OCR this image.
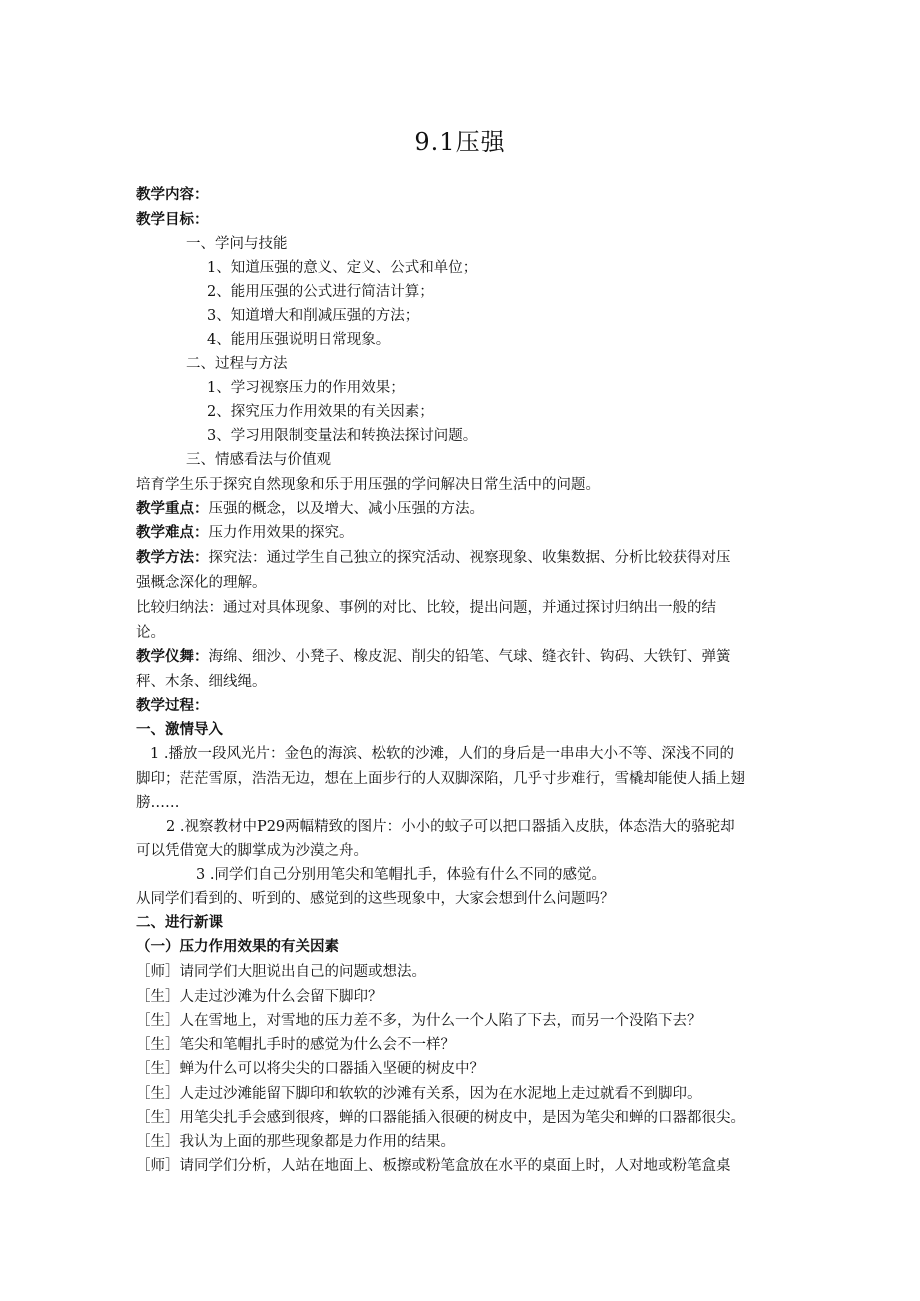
9.1压强
教学内容：
教学目标：
一、学问与技能
1、知道压强的意义、定义、公式和单位；
2、能用压强的公式进行简洁计算；
3、知道增大和削减压强的方法；
4、能用压强说明日常现象。
二、过程与方法
1、学习视察压力的作用效果；
2、探究压力作用效果的有关因素；
3、学习用限制变量法和转换法探讨问题。
三、情感看法与价值观
培育学生乐于探究自然现象和乐于用压强的学问解决日常生活中的问题。
教学重点：压强的概念，以及增大、减小压强的方法。
教学难点：压力作用效果的探究。
教学方法：探究法：通过学生自己独立的探究活动、视察现象、收集数据、分析比较获得对压
强概念深化的理解。
比较归纳法：通过对具体现象、事例的对比、比较，提出问题，并通过探讨归纳出一般的结
论。
教学仪舞：海绵、细沙、小凳子、橡皮泥、削尖的铅笔、气球、缝衣针、钩码、大铁钉、弹簧
秤、木条、细线绳。
教学过程：
一、激情导入
1 .播放一段风光片：金色的海滨、松软的沙滩，人们的身后是一串串大小不等、深浅不同的
脚印；茫茫雪原，浩浩无边，想在上面步行的人双脚深陷，几乎寸步难行，雪橇却能使人插上翅
膀……
2 .视察教材中P29两幅精致的图片：小小的蚊子可以把口器插入皮肤，体态浩大的骆驼却
可以凭借宽大的脚掌成为沙漠之舟。
3 .同学们自己分别用笔尖和笔帽扎手，体验有什么不同的感觉。
从同学们看到的、听到的、感觉到的这些现象中，大家会想到什么问题吗？
二、进行新课
（一）压力作用效果的有关因素
［师］请同学们大胆说出自己的问题或想法。
［生］人走过沙滩为什么会留下脚印？
［生］人在雪地上，对雪地的压力差不多，为什么一个人陷了下去，而另一个没陷下去？
［生］笔尖和笔帽扎手时的感觉为什么会不一样？
［生］蝉为什么可以将尖尖的口器插入坚硬的树皮中？
［生］人走过沙滩能留下脚印和软软的沙滩有关系，因为在水泥地上走过就看不到脚印。
［生］用笔尖扎手会感到很疼，蝉的口器能插入很硬的树皮中，是因为笔尖和蝉的口器都很尖。
［生］我认为上面的那些现象都是力作用的结果。
［师］请同学们分析，人站在地面上、板擦或粉笔盒放在水平的桌面上时，人对地或粉笔盒桌
